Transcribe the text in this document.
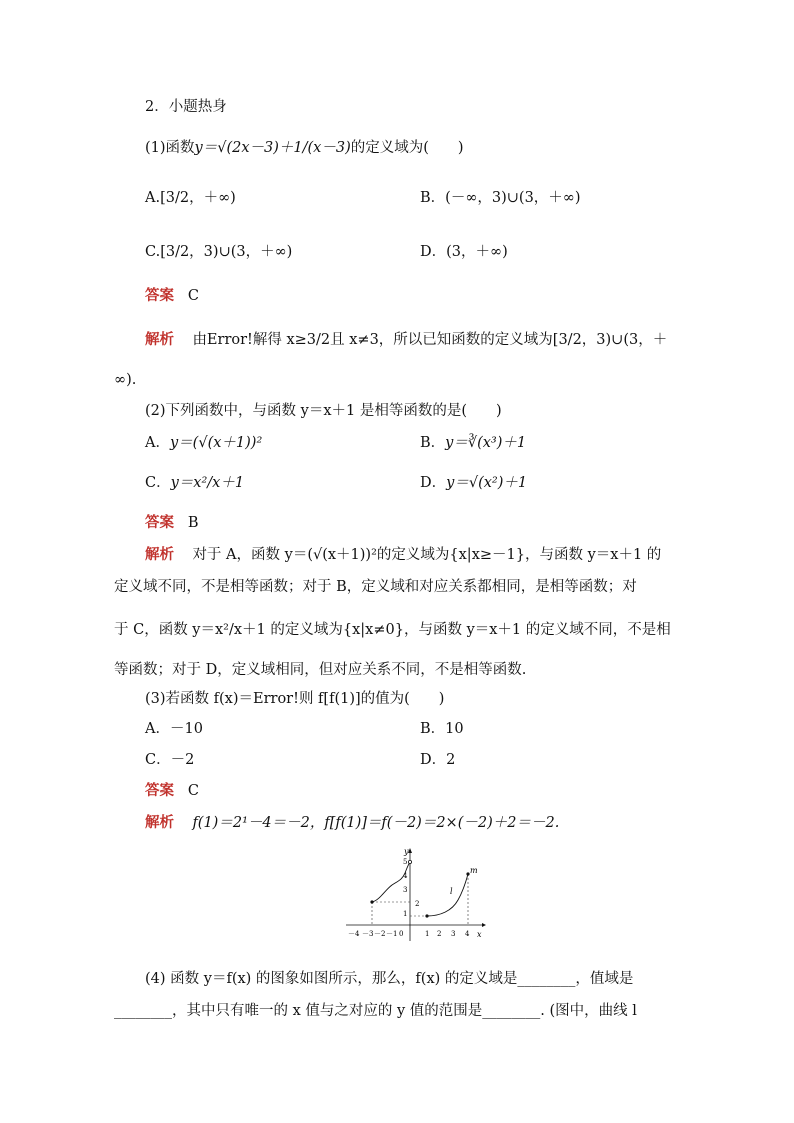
2．小题热身
(1)函数y＝√(2x－3)＋1/(x－3)的定义域为(　　)
A.[3/2，＋∞)	B．(－∞，3)∪(3，＋∞)
C.[3/2，3)∪(3，＋∞)	D．(3，＋∞)
答案 C
解析 由Error!解得 x≥3/2且 x≠3，所以已知函数的定义域为[3/2，3)∪(3，＋
∞).
(2)下列函数中，与函数 y＝x＋1 是相等函数的是(　　)
A．y＝(√(x＋1))²	B．y＝∛(x³)＋1
C．y＝x²/x＋1	D．y＝√(x²)＋1
答案 B
解析 对于 A，函数 y＝(√(x＋1))²的定义域为{x|x≥－1}，与函数 y＝x＋1 的
定义域不同，不是相等函数；对于 B，定义域和对应关系都相同，是相等函数；对
于 C，函数 y＝x²/x＋1 的定义域为{x|x≠0}，与函数 y＝x＋1 的定义域不同，不是相
等函数；对于 D，定义域相同，但对应关系不同，不是相等函数.
(3)若函数 f(x)＝Error!则 f[f(1)]的值为(　　)
A．－10	B．10
C．－2	D．2
答案 C
解析 f(1)＝2¹－4＝－2，f[f(1)]＝f(－2)＝2×(－2)＋2＝－2.
y
x
5
4
3
2
1
－4 －3 －2 －1 0	1 2 3 4
l
m
(4) 函数 y＝f(x) 的图象如图所示，那么，f(x) 的定义域是________，值域是
________，其中只有唯一的 x 值与之对应的 y 值的范围是________. (图中，曲线 l
